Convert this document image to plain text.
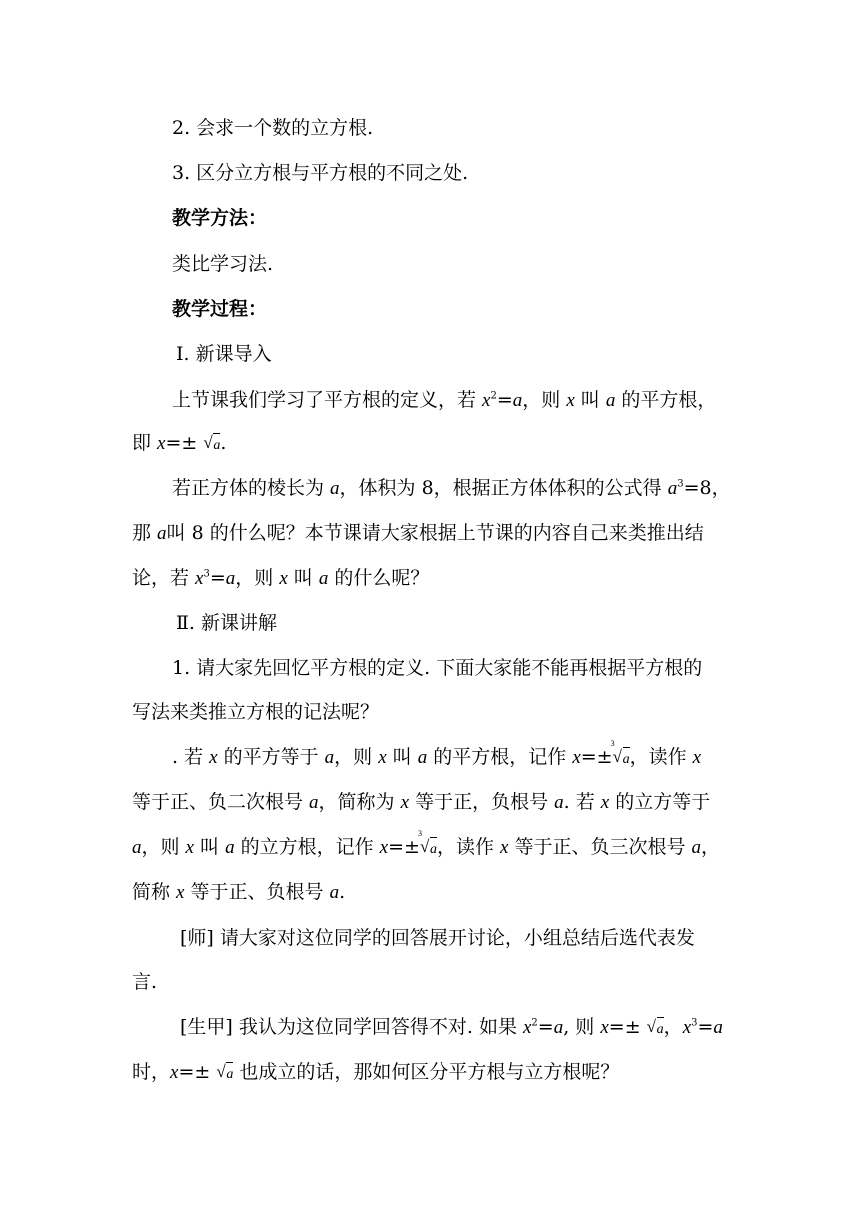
2. 会求一个数的立方根.
3. 区分立方根与平方根的不同之处.
教学方法：
类比学习法.
教学过程：
Ⅰ. 新课导入
上节课我们学习了平方根的定义，若 $x^2=a$，则 x 叫 a 的平方根，
即 x=± √ a.
若正方体的棱长为 a，体积为 8，根据正方体体积的公式得 $a^3=8$，
那 a叫 8 的什么呢？本节课请大家根据上节课的内容自己来类推出结
论，若 $x^3=a$，则 x 叫 a 的什么呢？
Ⅱ. 新课讲解
1. 请大家先回忆平方根的定义. 下面大家能不能再根据平方根的
写法来类推立方根的记法呢？
. 若 x 的平方等于 a，则 x 叫 a 的平方根，记作 x=±
√ 3
a，读作 x
等于正、负二次根号 a，简称为 x 等于正，负根号 a. 若 x 的立方等于
a，则 x 叫 a 的立方根，记作 x=±
√ 3
a，读作 x 等于正、负三次根号 a，
简称 x 等于正、负根号 a.
[师] 请大家对这位同学的回答展开讨论，小组总结后选代表发
言.
[生甲] 我认为这位同学回答得不对. 如果 $x^2=a$, 则 x=± √ a，$x^3=a$
时，x=± √ a 也成立的话，那如何区分平方根与立方根呢？
